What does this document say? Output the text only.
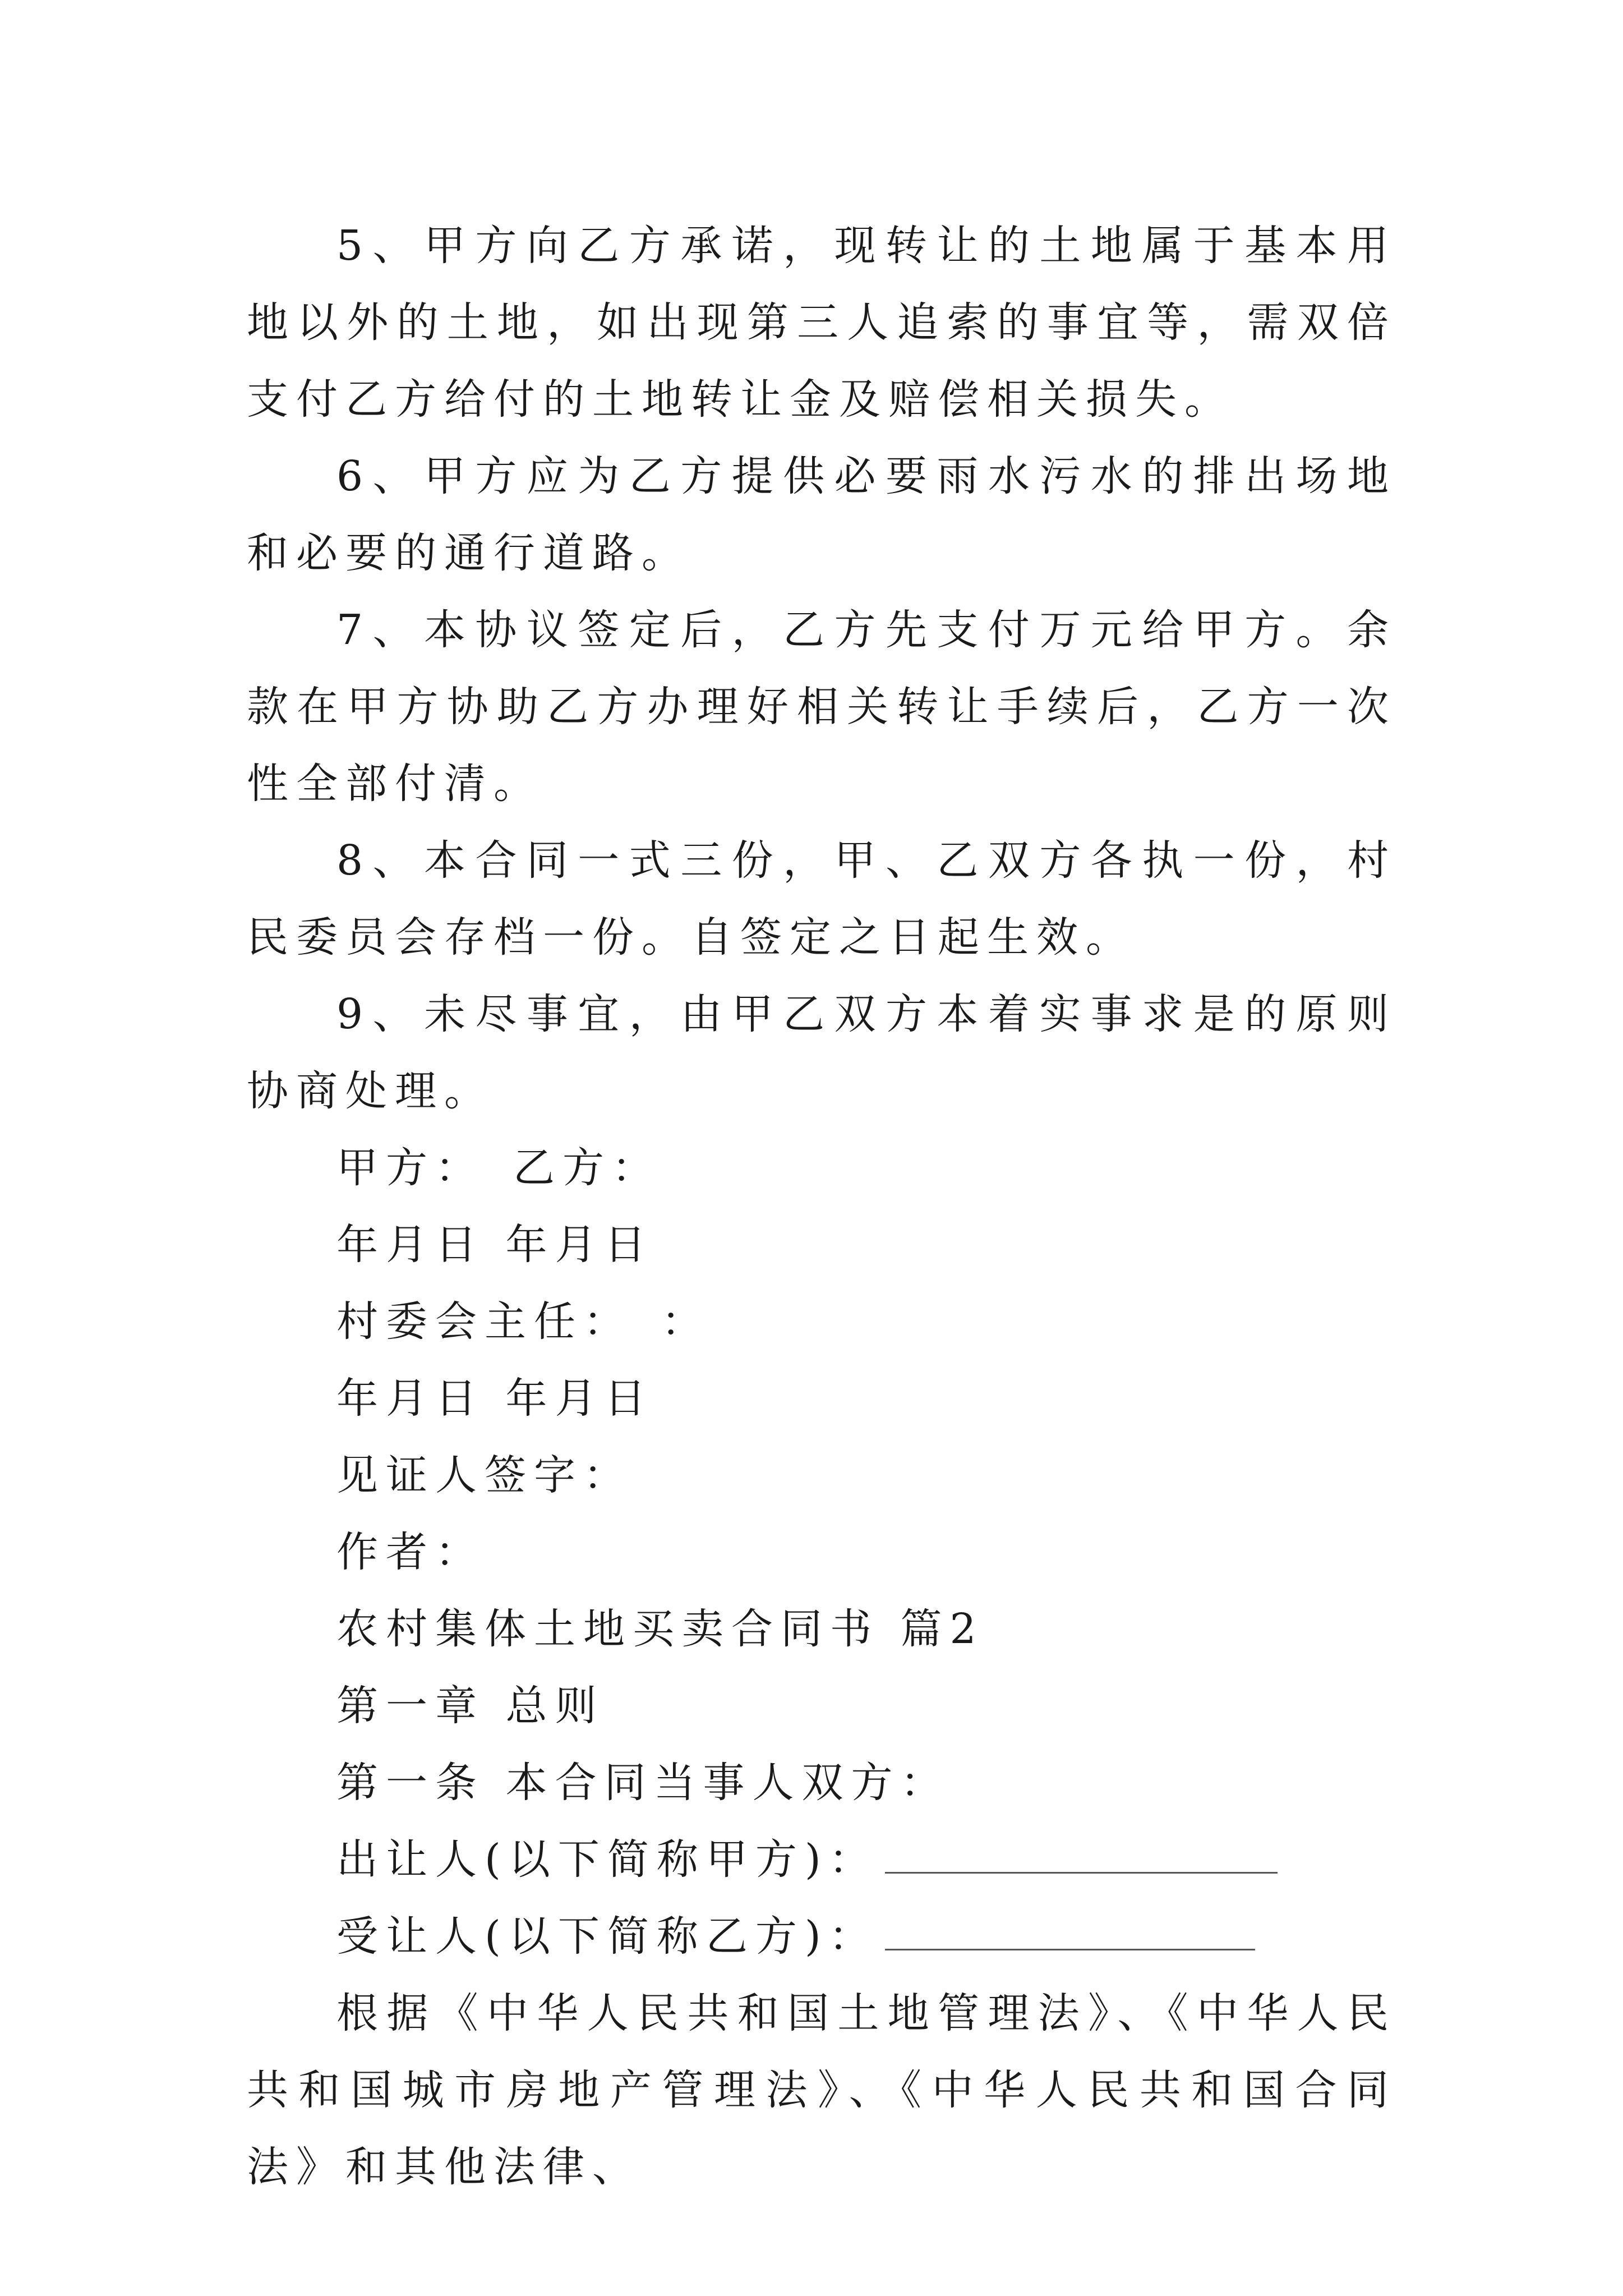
5、甲方向乙方承诺，现转让的土地属于基本用地以外的土地，如出现第三人追索的事宜等，需双倍支付乙方给付的土地转让金及赔偿相关损失。

6、甲方应为乙方提供必要雨水污水的排出场地和必要的通行道路。

7、本协议签定后，乙方先支付万元给甲方。余款在甲方协助乙方办理好相关转让手续后，乙方一次性全部付清。

8、本合同一式三份，甲、乙双方各执一份，村民委员会存档一份。自签定之日起生效。

9、未尽事宜，由甲乙双方本着实事求是的原则协商处理。

甲方：　乙方：

年月日 年月日

村委会主任：　：

年月日 年月日

见证人签字：

作者：

农村集体土地买卖合同书 篇2

第一章 总则

第一条 本合同当事人双方：

出让人(以下简称甲方)：

受让人(以下简称乙方)：

根据《中华人民共和国土地管理法》、《中华人民共和国城市房地产管理法》、《中华人民共和国合同法》和其他法律、
